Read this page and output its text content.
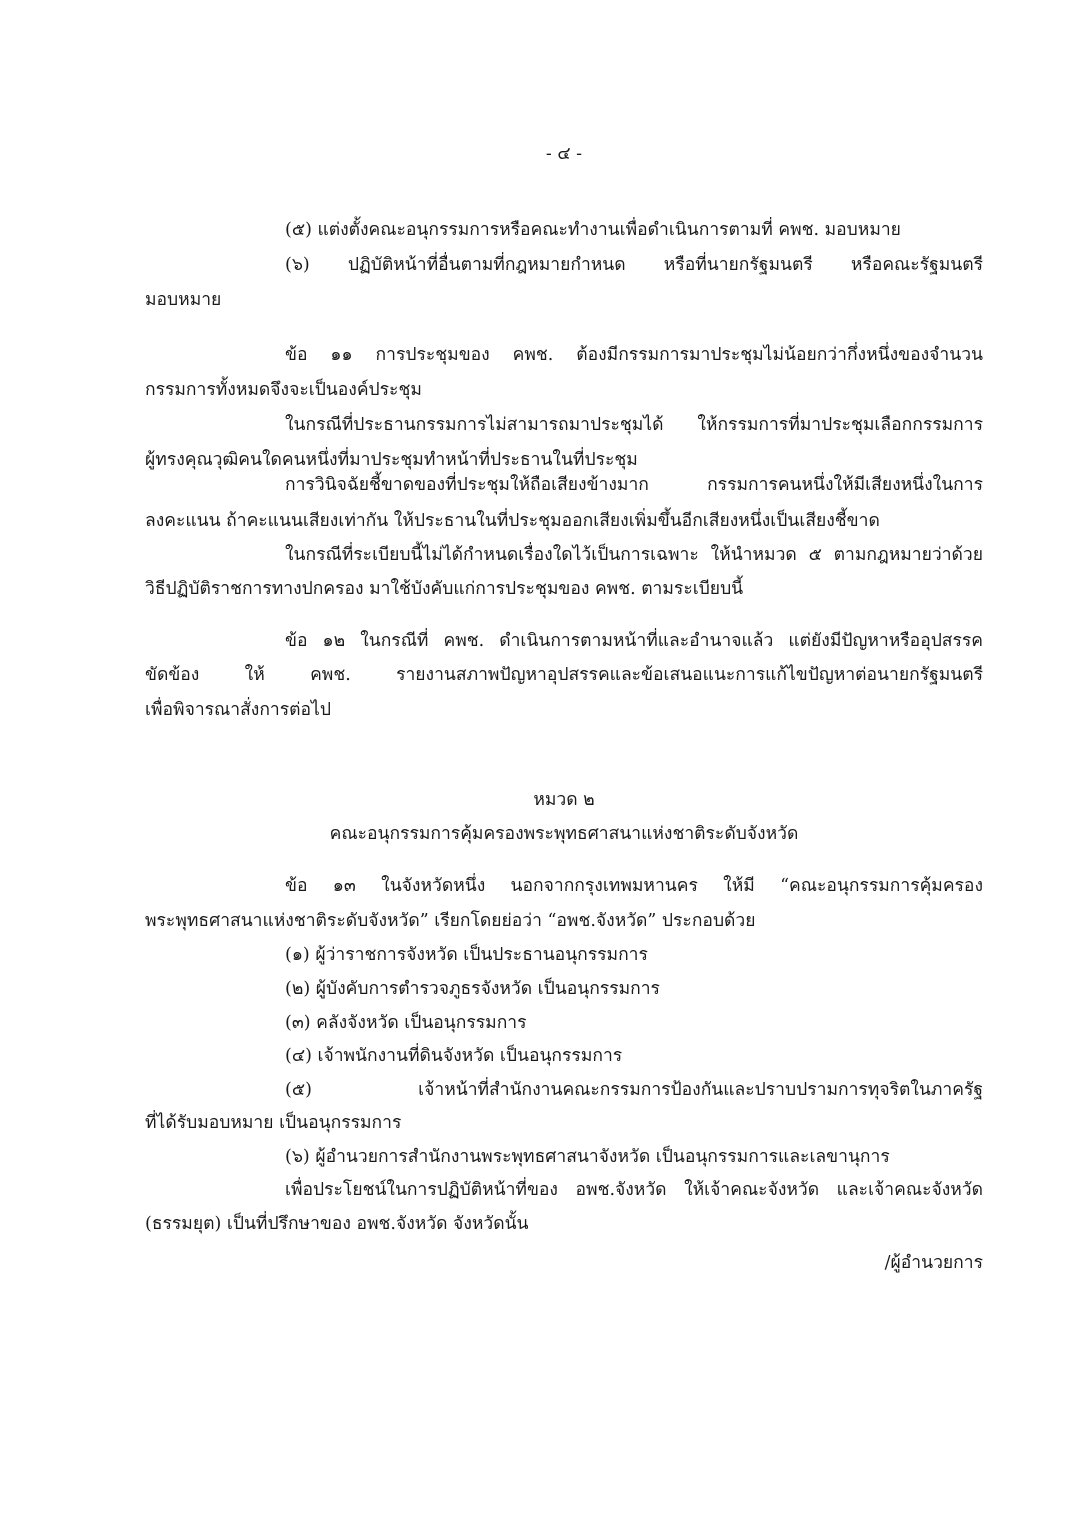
- ๔ -
(๕) แต่งตั้งคณะอนุกรรมการหรือคณะทำงานเพื่อดำเนินการตามที่ คพช. มอบหมาย
(๖) ปฏิบัติหน้าที่อื่นตามที่กฎหมายกำหนด หรือที่นายกรัฐมนตรี หรือคณะรัฐมนตรี
มอบหมาย
ข้อ ๑๑ การประชุมของ คพช. ต้องมีกรรมการมาประชุมไม่น้อยกว่ากึ่งหนึ่งของจำนวน
กรรมการทั้งหมดจึงจะเป็นองค์ประชุม
ในกรณีที่ประธานกรรมการไม่สามารถมาประชุมได้ ให้กรรมการที่มาประชุมเลือกกรรมการ
ผู้ทรงคุณวุฒิคนใดคนหนึ่งที่มาประชุมทำหน้าที่ประธานในที่ประชุม
การวินิจฉัยชี้ขาดของที่ประชุมให้ถือเสียงข้างมาก กรรมการคนหนึ่งให้มีเสียงหนึ่งในการ
ลงคะแนน ถ้าคะแนนเสียงเท่ากัน ให้ประธานในที่ประชุมออกเสียงเพิ่มขึ้นอีกเสียงหนึ่งเป็นเสียงชี้ขาด
ในกรณีที่ระเบียบนี้ไม่ได้กำหนดเรื่องใดไว้เป็นการเฉพาะ ให้นำหมวด ๕ ตามกฎหมายว่าด้วย
วิธีปฏิบัติราชการทางปกครอง มาใช้บังคับแก่การประชุมของ คพช. ตามระเบียบนี้
ข้อ ๑๒ ในกรณีที่ คพช. ดำเนินการตามหน้าที่และอำนาจแล้ว แต่ยังมีปัญหาหรืออุปสรรค
ขัดข้อง ให้ คพช. รายงานสภาพปัญหาอุปสรรคและข้อเสนอแนะการแก้ไขปัญหาต่อนายกรัฐมนตรี
เพื่อพิจารณาสั่งการต่อไป
หมวด ๒
คณะอนุกรรมการคุ้มครองพระพุทธศาสนาแห่งชาติระดับจังหวัด
ข้อ ๑๓ ในจังหวัดหนึ่ง นอกจากกรุงเทพมหานคร ให้มี “คณะอนุกรรมการคุ้มครอง
พระพุทธศาสนาแห่งชาติระดับจังหวัด” เรียกโดยย่อว่า “อพช.จังหวัด” ประกอบด้วย
(๑) ผู้ว่าราชการจังหวัด เป็นประธานอนุกรรมการ
(๒) ผู้บังคับการตำรวจภูธรจังหวัด เป็นอนุกรรมการ
(๓) คลังจังหวัด เป็นอนุกรรมการ
(๔) เจ้าพนักงานที่ดินจังหวัด เป็นอนุกรรมการ
(๕) เจ้าหน้าที่สำนักงานคณะกรรมการป้องกันและปราบปรามการทุจริตในภาครัฐ
ที่ได้รับมอบหมาย เป็นอนุกรรมการ
(๖) ผู้อำนวยการสำนักงานพระพุทธศาสนาจังหวัด เป็นอนุกรรมการและเลขานุการ
เพื่อประโยชน์ในการปฏิบัติหน้าที่ของ อพช.จังหวัด ให้เจ้าคณะจังหวัด และเจ้าคณะจังหวัด
(ธรรมยุต) เป็นที่ปรึกษาของ อพช.จังหวัด จังหวัดนั้น
/ผู้อำนวยการ
